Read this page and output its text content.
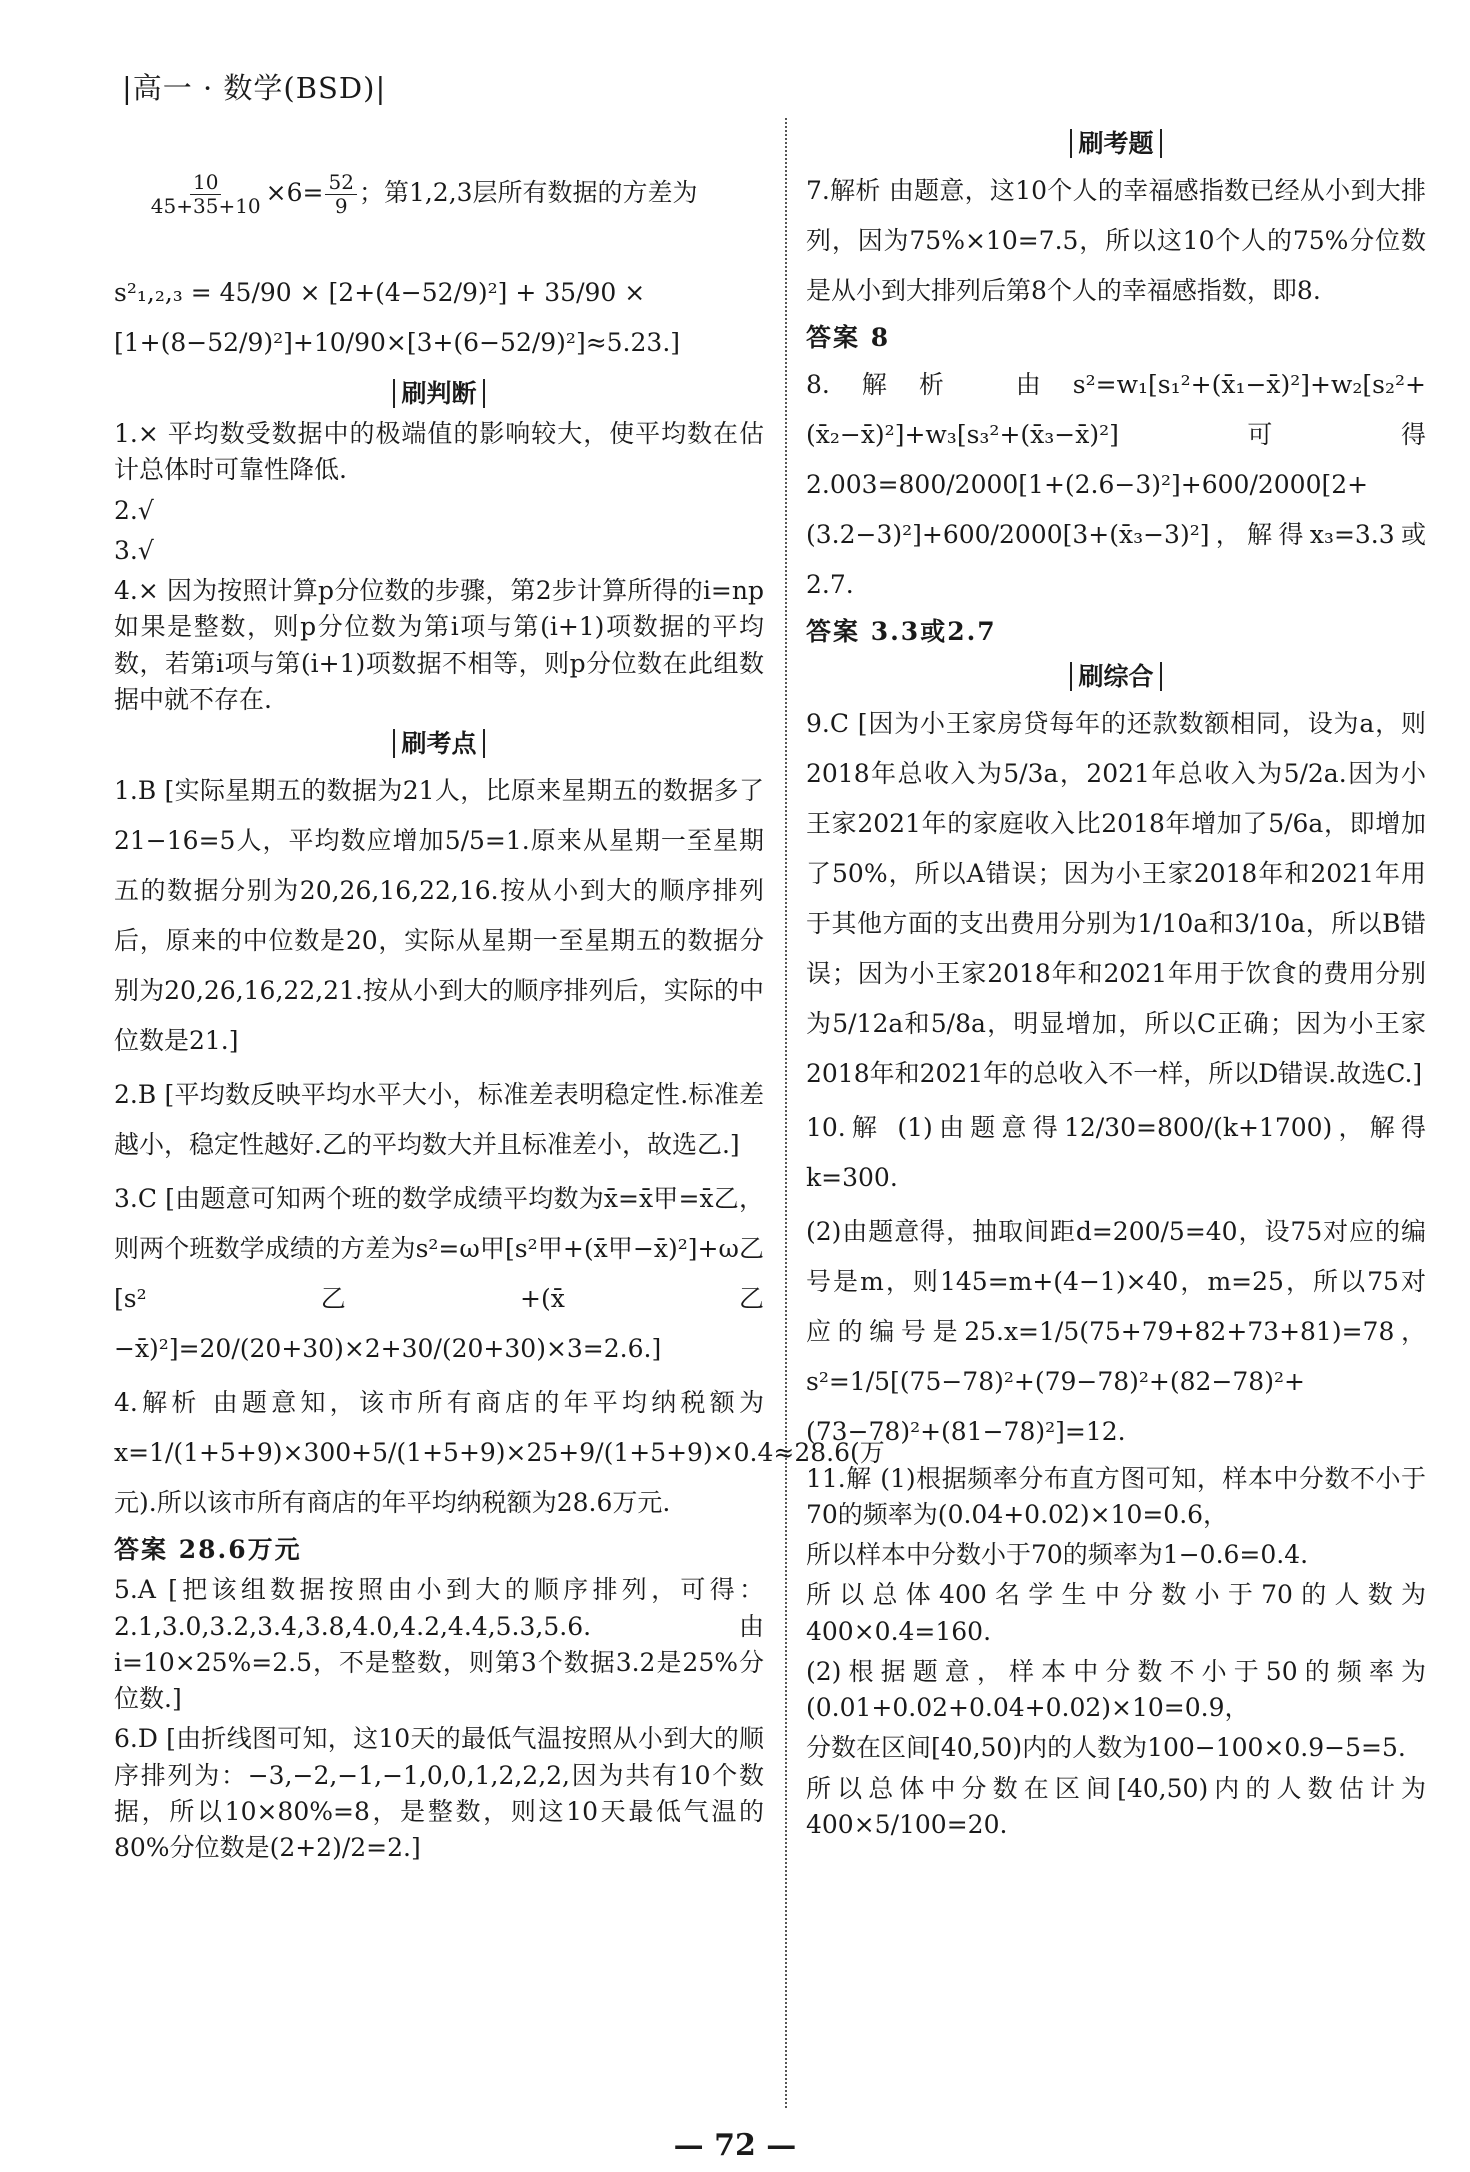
|高一 · 数学(BSD)|

$\frac{10}{45+35+10} \times 6= \frac{52}{9}$ ；第1,2,3层所有数据的方差为

s²₁,₂,₃ = 45/90 × [2+(4−52/9)²] + 35/90 ×
[1+(8−52/9)²]+10/90×[3+(6−52/9)²]≈5.23.]
刷判断
1.× 平均数受数据中的极端值的影响较大，使平均数在估计总体时可靠性降低.
2.√
3.√
4.× 因为按照计算p分位数的步骤，第2步计算所得的i=np如果是整数，则p分位数为第i项与第(i+1)项数据的平均数，若第i项与第(i+1)项数据不相等，则p分位数在此组数据中就不存在.
刷考点
1.B [实际星期五的数据为21人，比原来星期五的数据多了21−16=5人，平均数应增加5/5=1.原来从星期一至星期五的数据分别为20,26,16,22,16.按从小到大的顺序排列后，原来的中位数是20，实际从星期一至星期五的数据分别为20,26,16,22,21.按从小到大的顺序排列后，实际的中位数是21.]
2.B [平均数反映平均水平大小，标准差表明稳定性.标准差越小，稳定性越好.乙的平均数大并且标准差小，故选乙.]
3.C [由题意可知两个班的数学成绩平均数为x̄=x̄甲=x̄乙，则两个班数学成绩的方差为s²=ω甲[s²甲+(x̄甲−x̄)²]+ω乙[s²乙+(x̄乙−x̄)²]=20/(20+30)×2+30/(20+30)×3=2.6.]
4.解析 由题意知，该市所有商店的年平均纳税额为x=1/(1+5+9)×300+5/(1+5+9)×25+9/(1+5+9)×0.4≈28.6(万元).所以该市所有商店的年平均纳税额为28.6万元.
答案 28.6万元
5.A [把该组数据按照由小到大的顺序排列，可得：2.1,3.0,3.2,3.4,3.8,4.0,4.2,4.4,5.3,5.6.由i=10×25%=2.5，不是整数，则第3个数据3.2是25%分位数.]
6.D [由折线图可知，这10天的最低气温按照从小到大的顺序排列为：−3,−2,−1,−1,0,0,1,2,2,2,因为共有10个数据，所以10×80%=8，是整数，则这10天最低气温的80%分位数是(2+2)/2=2.]
刷考题
7.解析 由题意，这10个人的幸福感指数已经从小到大排列，因为75%×10=7.5，所以这10个人的75%分位数是从小到大排列后第8个人的幸福感指数，即8.
答案 8
8.解析 由s²=w₁[s₁²+(x̄₁−x̄)²]+w₂[s₂²+(x̄₂−x̄)²]+w₃[s₃²+(x̄₃−x̄)²]可得2.003=800/2000[1+(2.6−3)²]+600/2000[2+(3.2−3)²]+600/2000[3+(x̄₃−3)²]，解得x₃=3.3或2.7.
答案 3.3或2.7
刷综合
9.C [因为小王家房贷每年的还款数额相同，设为a，则2018年总收入为5/3a，2021年总收入为5/2a.因为小王家2021年的家庭收入比2018年增加了5/6a，即增加了50%，所以A错误；因为小王家2018年和2021年用于其他方面的支出费用分别为1/10a和3/10a，所以B错误；因为小王家2018年和2021年用于饮食的费用分别为5/12a和5/8a，明显增加，所以C正确；因为小王家2018年和2021年的总收入不一样，所以D错误.故选C.]
10.解 (1)由题意得12/30=800/(k+1700)，解得k=300.
(2)由题意得，抽取间距d=200/5=40，设75对应的编号是m，则145=m+(4−1)×40，m=25，所以75对应的编号是25.x=1/5(75+79+82+73+81)=78，s²=1/5[(75−78)²+(79−78)²+(82−78)²+(73−78)²+(81−78)²]=12.
11.解 (1)根据频率分布直方图可知，样本中分数不小于70的频率为(0.04+0.02)×10=0.6，
所以样本中分数小于70的频率为1−0.6=0.4.
所以总体400名学生中分数小于70的人数为400×0.4=160.
(2)根据题意，样本中分数不小于50的频率为(0.01+0.02+0.04+0.02)×10=0.9，
分数在区间[40,50)内的人数为100−100×0.9−5=5.
所以总体中分数在区间[40,50)内的人数估计为400×5/100=20.
— 72 —
